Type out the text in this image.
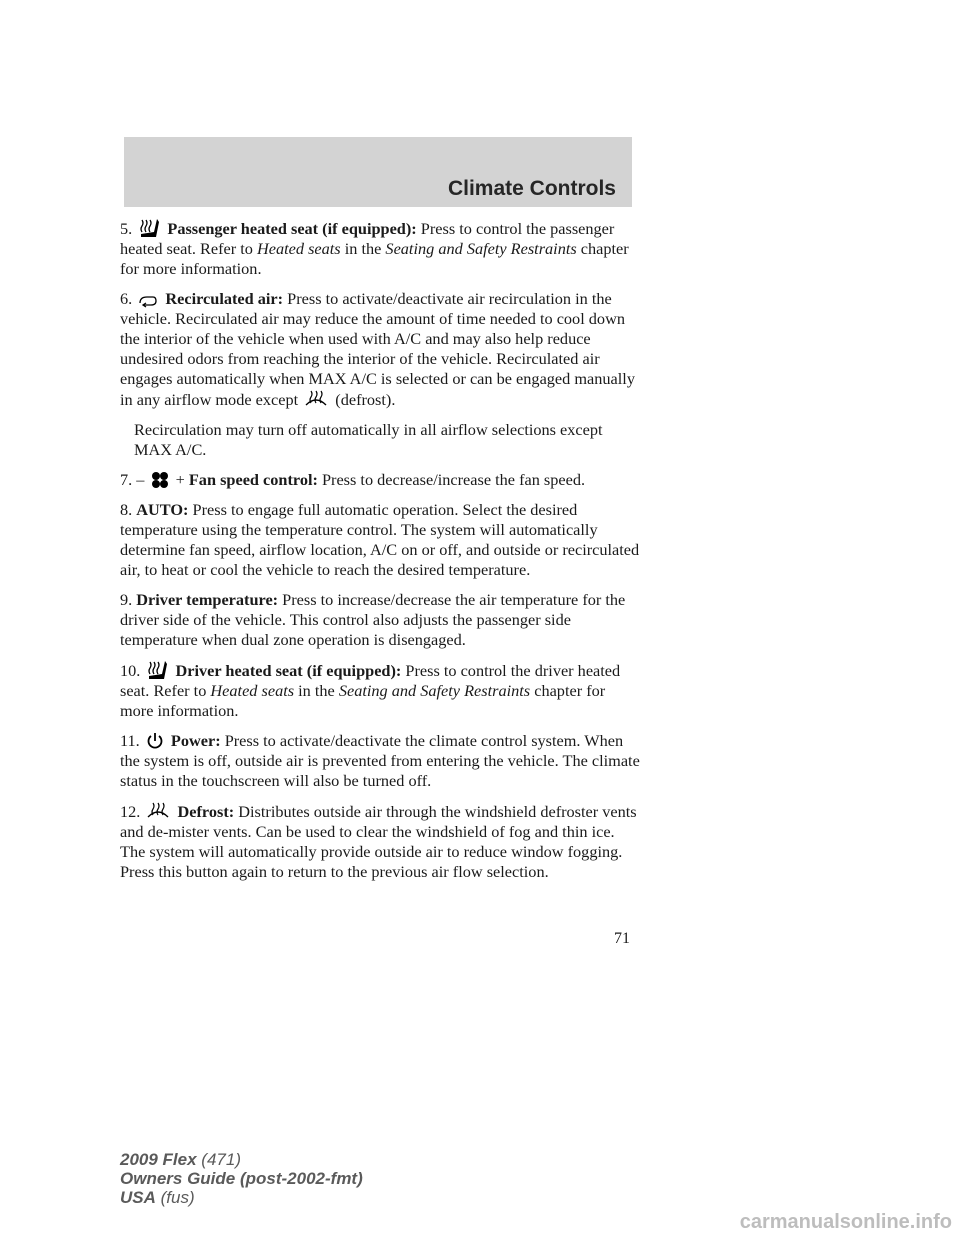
Climate Controls
5. Passenger heated seat (if equipped): Press to control the passenger heated seat. Refer to Heated seats in the Seating and Safety Restraints chapter for more information.
6. Recirculated air: Press to activate/deactivate air recirculation in the vehicle. Recirculated air may reduce the amount of time needed to cool down the interior of the vehicle when used with A/C and may also help reduce undesired odors from reaching the interior of the vehicle. Recirculated air engages automatically when MAX A/C is selected or can be engaged manually in any airflow mode except (defrost).
Recirculation may turn off automatically in all airflow selections except MAX A/C.
7. – + Fan speed control: Press to decrease/increase the fan speed.
8. AUTO: Press to engage full automatic operation. Select the desired temperature using the temperature control. The system will automatically determine fan speed, airflow location, A/C on or off, and outside or recirculated air, to heat or cool the vehicle to reach the desired temperature.
9. Driver temperature: Press to increase/decrease the air temperature for the driver side of the vehicle. This control also adjusts the passenger side temperature when dual zone operation is disengaged.
10. Driver heated seat (if equipped): Press to control the driver heated seat. Refer to Heated seats in the Seating and Safety Restraints chapter for more information.
11. Power: Press to activate/deactivate the climate control system. When the system is off, outside air is prevented from entering the vehicle. The climate status in the touchscreen will also be turned off.
12. Defrost: Distributes outside air through the windshield defroster vents and de-mister vents. Can be used to clear the windshield of fog and thin ice. The system will automatically provide outside air to reduce window fogging. Press this button again to return to the previous air flow selection.
71
2009 Flex (471)
Owners Guide (post-2002-fmt)
USA (fus)
carmanualsonline.info
